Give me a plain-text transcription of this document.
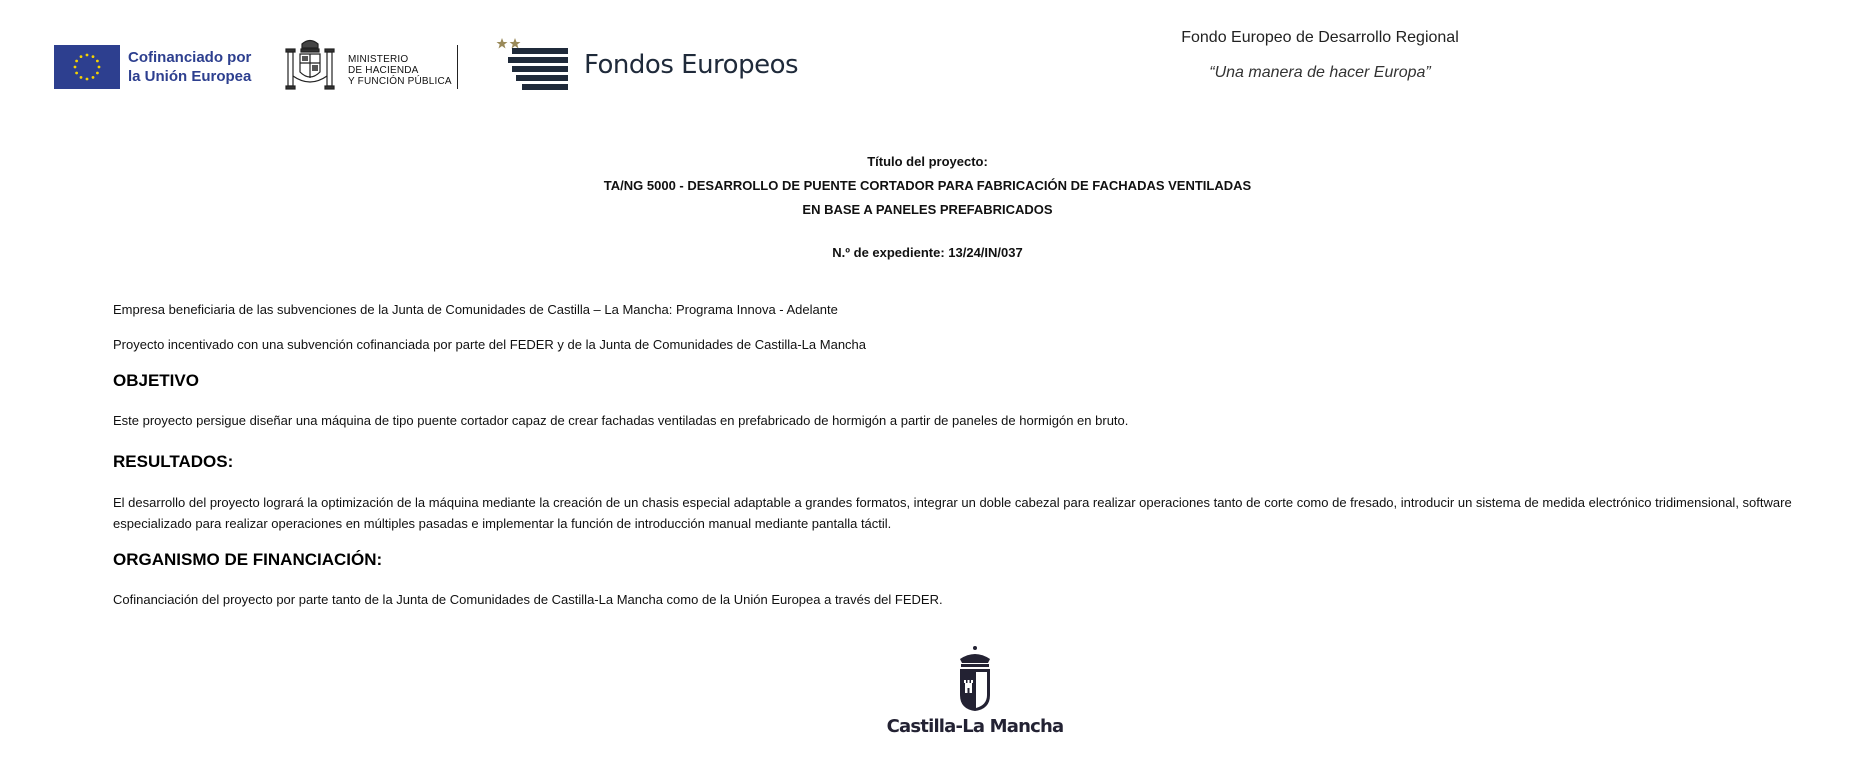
Cofinanciado por
la Unión Europea
MINISTERIO
DE HACIENDA
Y FUNCIÓN PÚBLICA
Fondos Europeos
Fondo Europeo de Desarrollo Regional
“Una manera de hacer Europa”
Título del proyecto:
TA/NG 5000 - DESARROLLO DE PUENTE CORTADOR PARA FABRICACIÓN DE FACHADAS VENTILADAS
EN BASE A PANELES PREFABRICADOS
N.º de expediente: 13/24/IN/037
Empresa beneficiaria de las subvenciones de la Junta de Comunidades de Castilla – La Mancha: Programa Innova - Adelante
Proyecto incentivado con una subvención cofinanciada por parte del FEDER y de la Junta de Comunidades de Castilla-La Mancha
OBJETIVO
Este proyecto persigue diseñar una máquina de tipo puente cortador capaz de crear fachadas ventiladas en prefabricado de hormigón a partir de paneles de hormigón en bruto.
RESULTADOS:
El desarrollo del proyecto logrará la optimización de la máquina mediante la creación de un chasis especial adaptable a grandes formatos, integrar un doble cabezal para realizar operaciones tanto de corte como de fresado, introducir un sistema de medida electrónico tridimensional, software especializado para realizar operaciones en múltiples pasadas e implementar la función de introducción manual mediante pantalla táctil.
ORGANISMO DE FINANCIACIÓN:
Cofinanciación del proyecto por parte tanto de la Junta de Comunidades de Castilla-La Mancha como de la Unión Europea a través del FEDER.
Castilla-La Mancha
